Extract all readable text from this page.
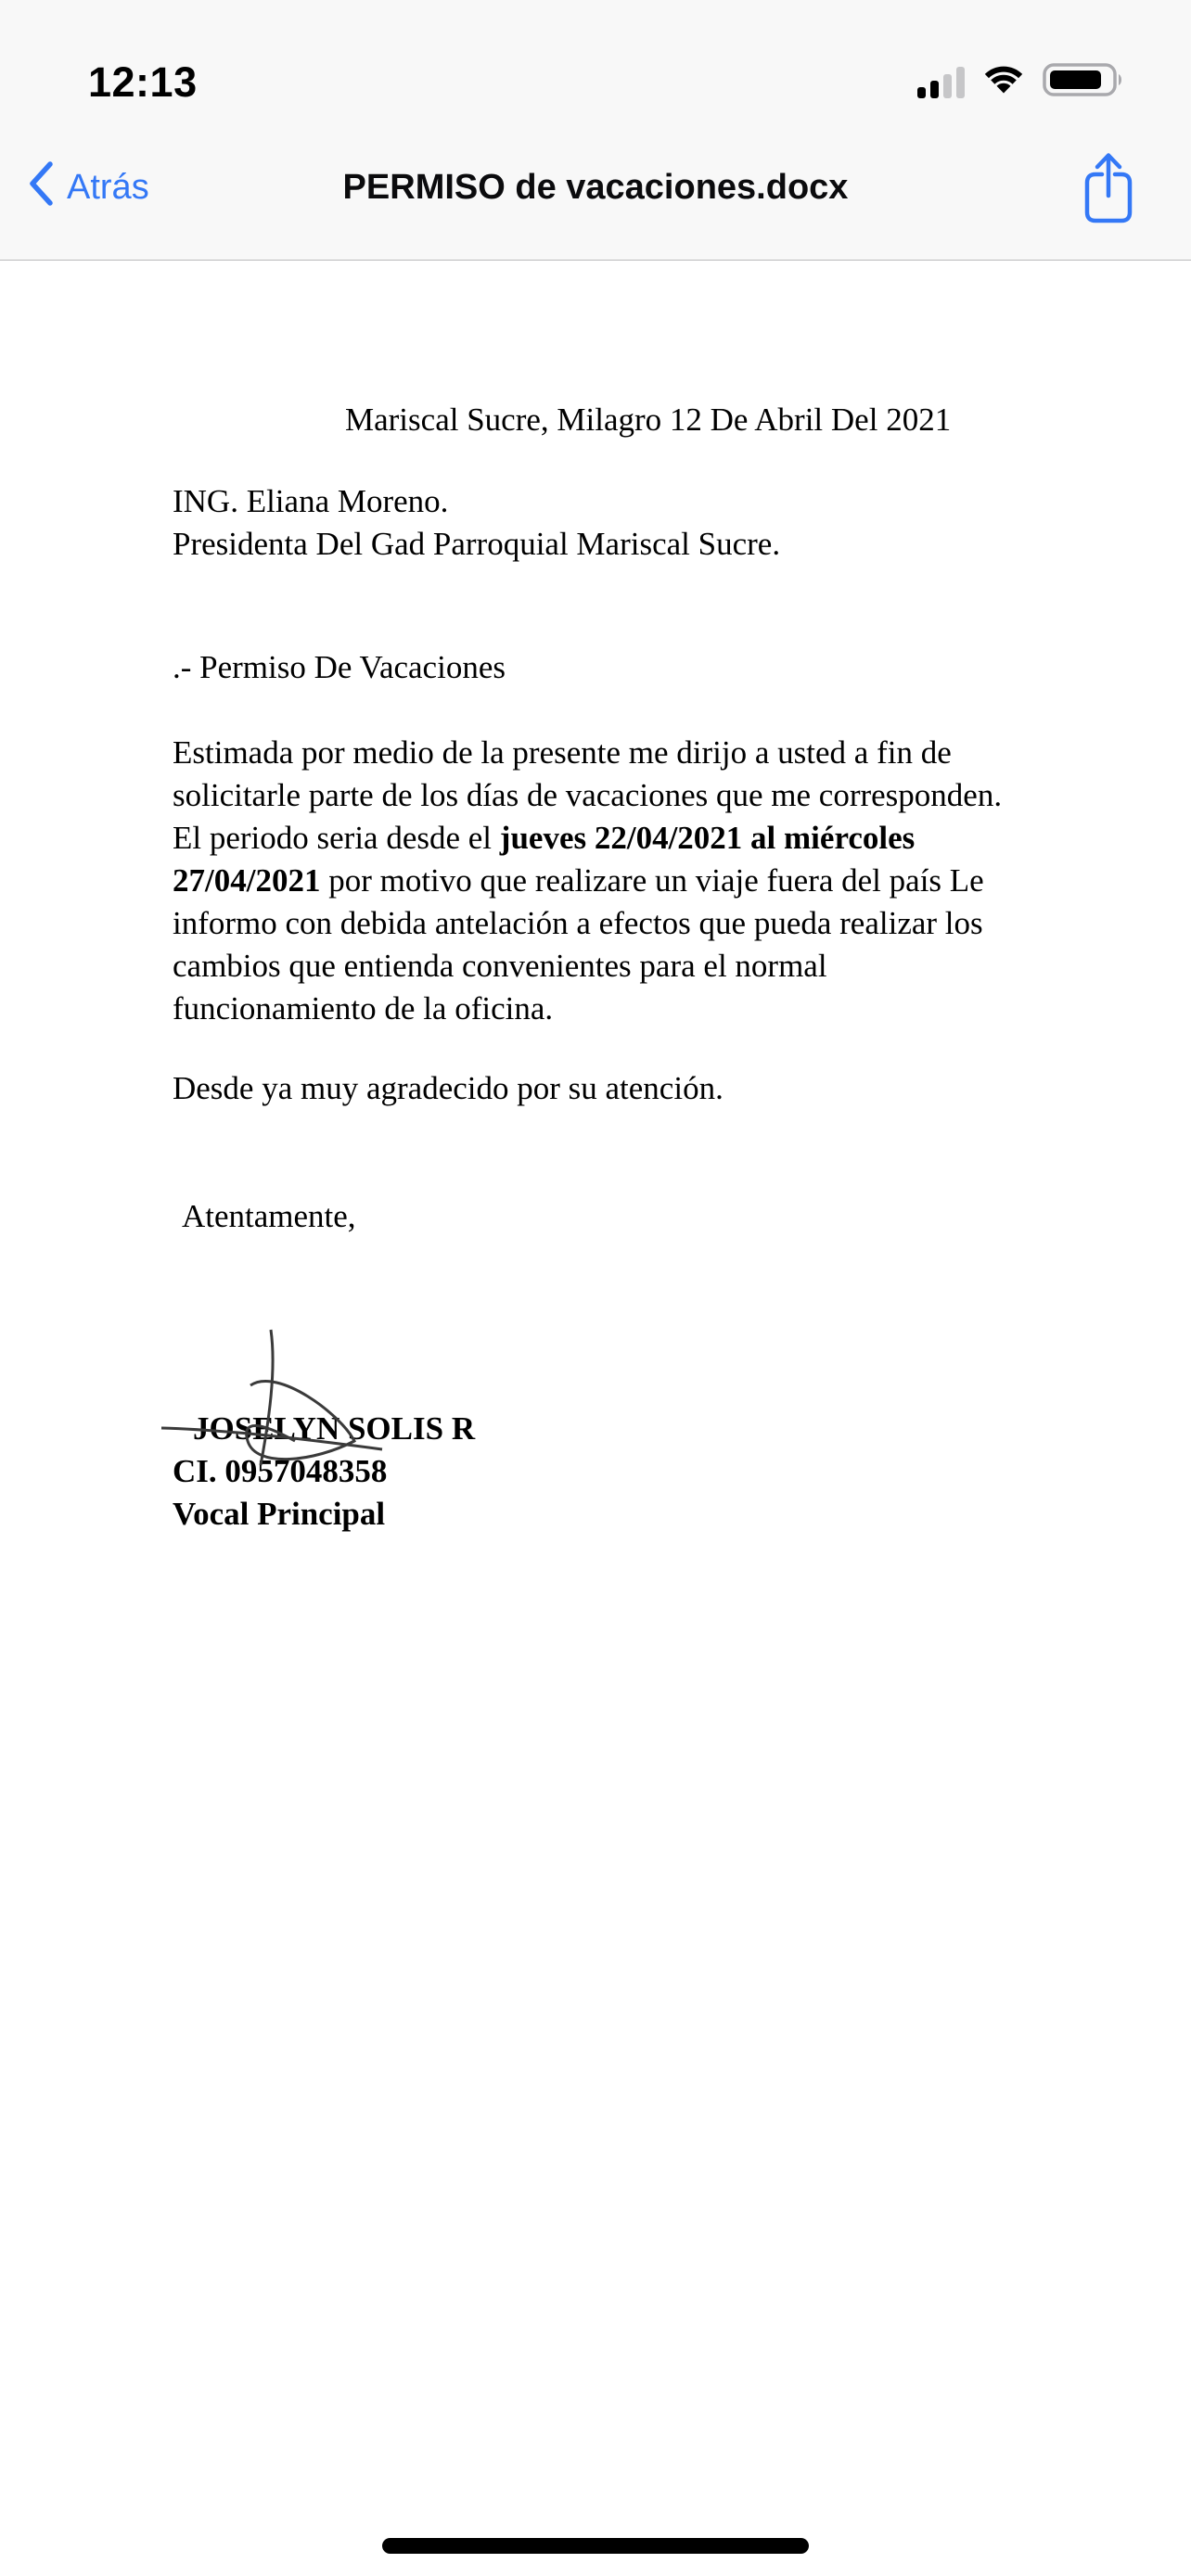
12:13
Atrás	PERMISO de vacaciones.docx

Mariscal Sucre, Milagro 12 De Abril Del 2021

ING. Eliana Moreno.

Presidenta Del Gad Parroquial Mariscal Sucre.

.- Permiso De Vacaciones

Estimada por medio de la presente me dirijo a usted a fin de solicitarle parte de los días de vacaciones que me corresponden. El periodo seria desde el jueves 22/04/2021 al miércoles 27/04/2021 por motivo que realizare un viaje fuera del país Le informo con debida antelación a efectos que pueda realizar los cambios que entienda convenientes para el normal funcionamiento de la oficina.

Desde ya muy agradecido por su atención.

Atentamente,

JOSELYN SOLIS R

CI. 0957048358

Vocal Principal
